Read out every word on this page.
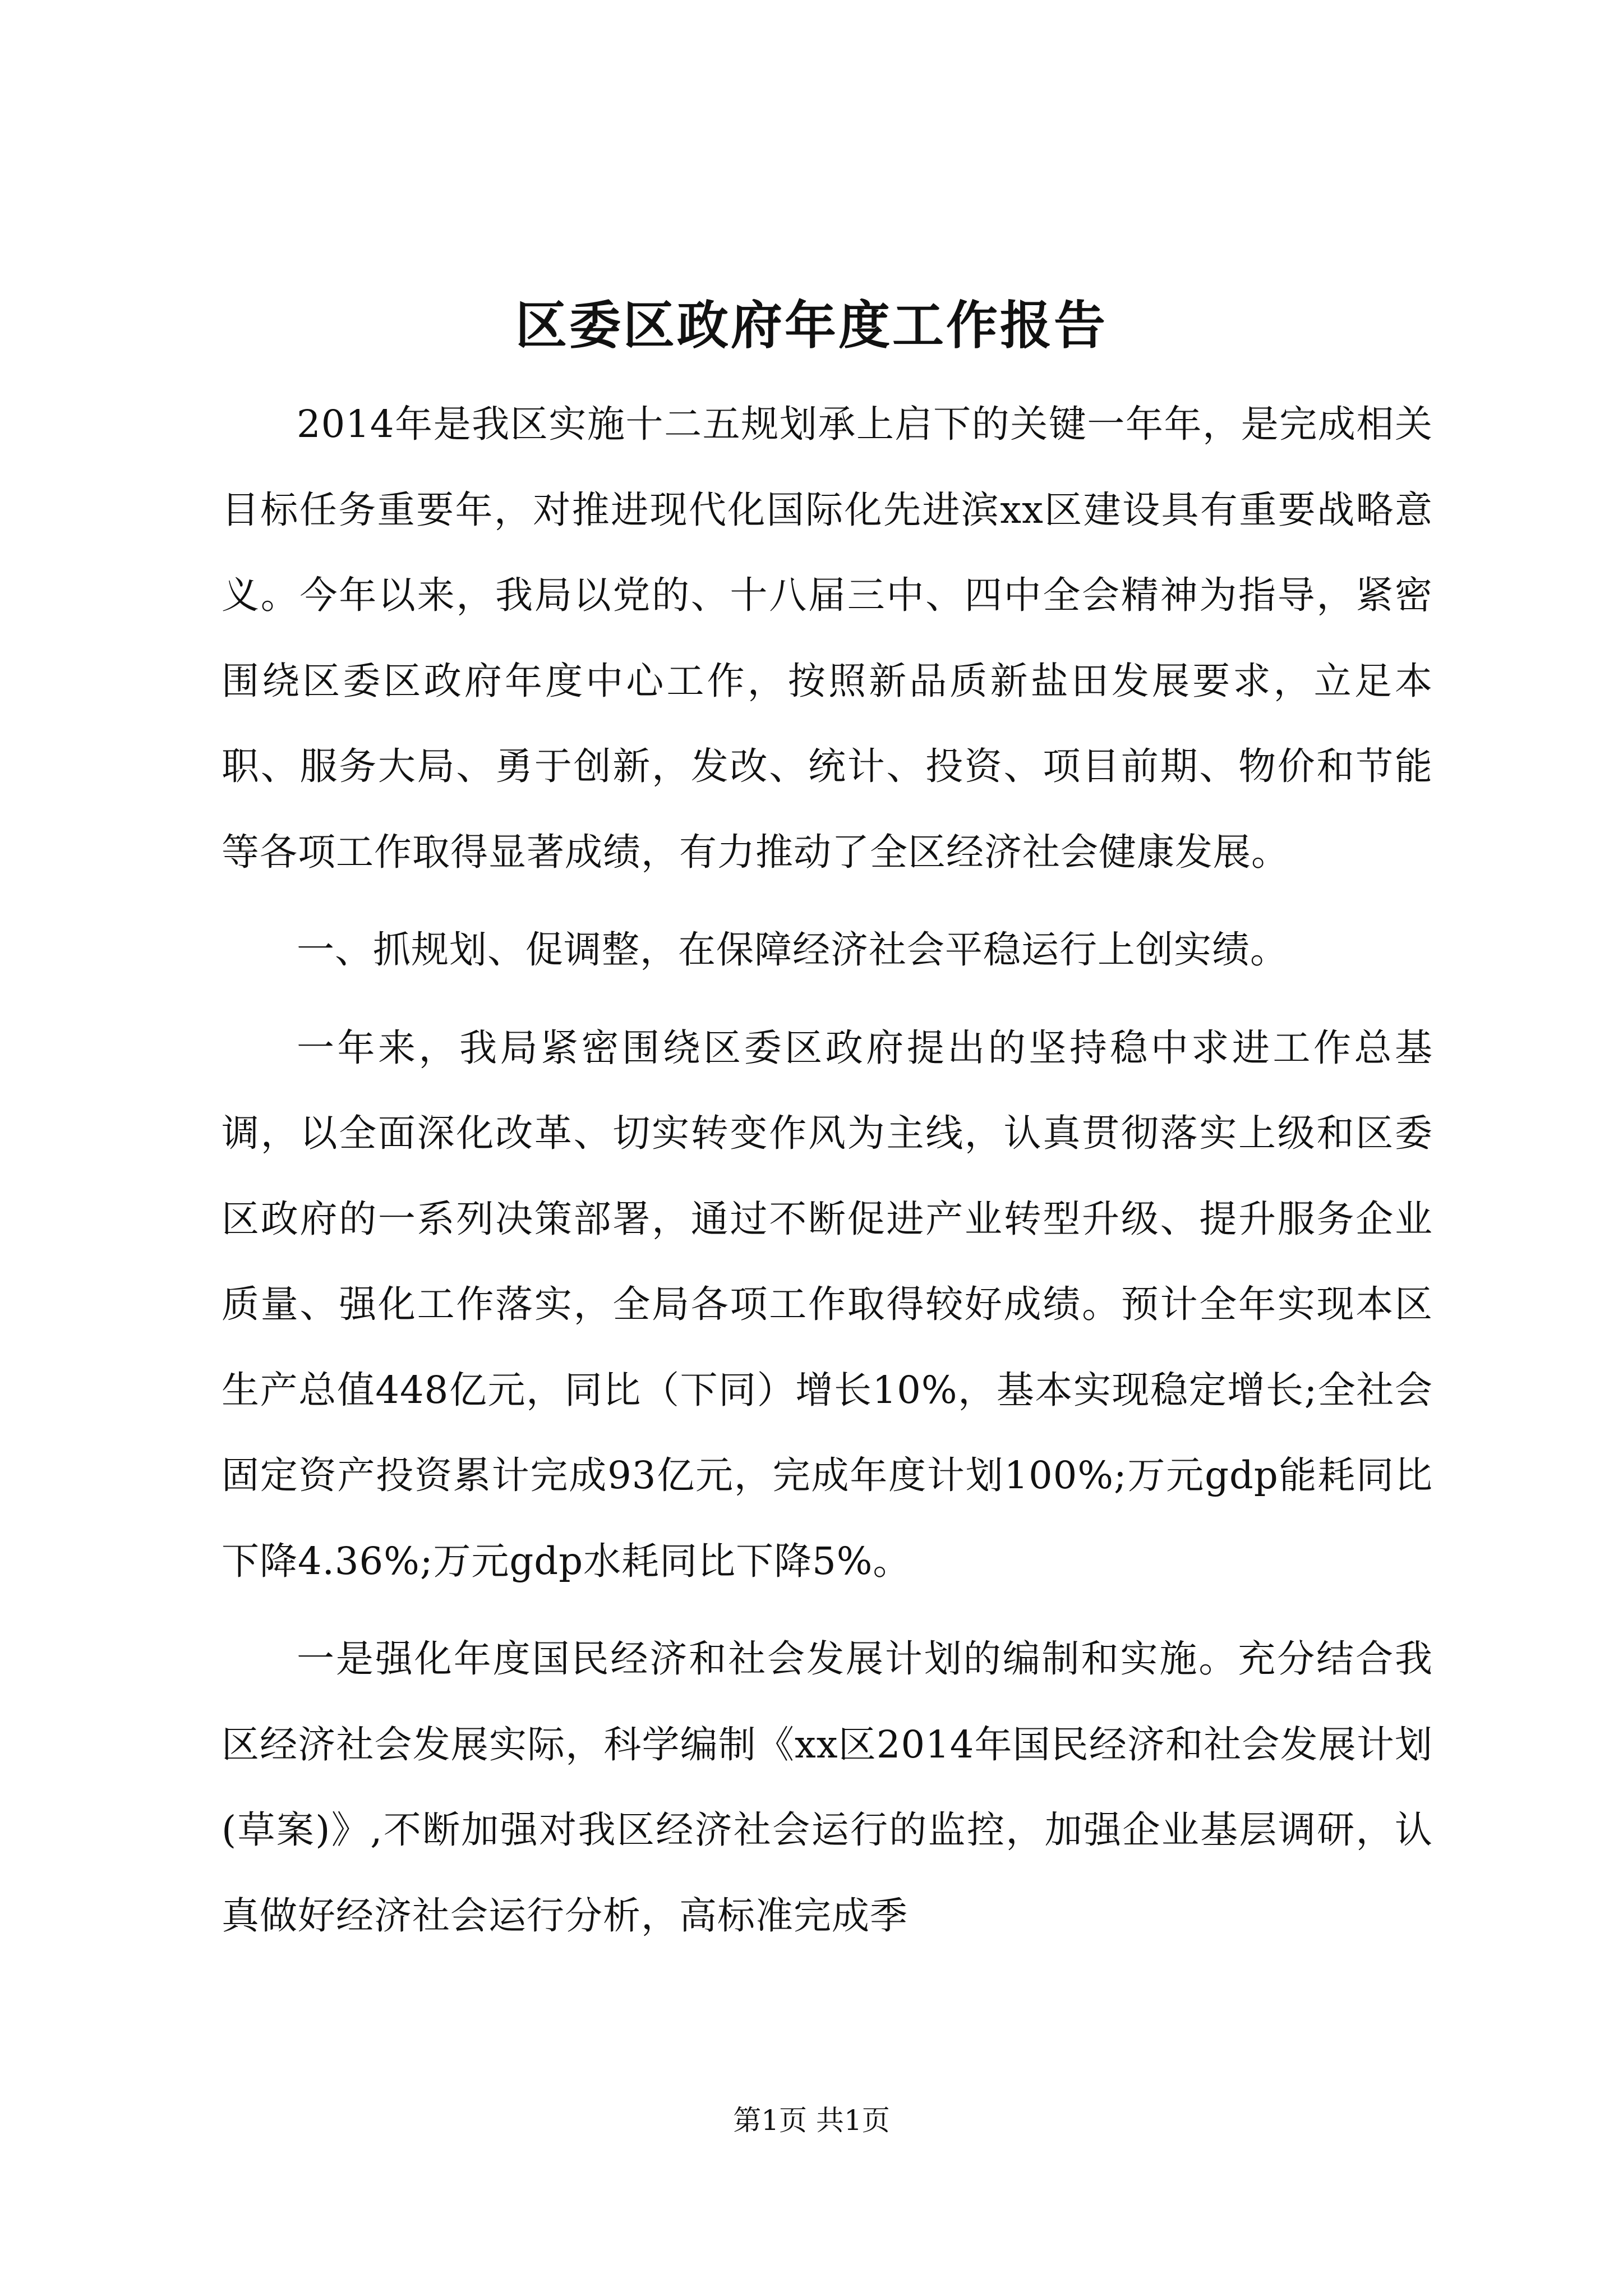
区委区政府年度工作报告

2014年是我区实施十二五规划承上启下的关键一年年，是完成相关目标任务重要年，对推进现代化国际化先进滨xx区建设具有重要战略意义。今年以来，我局以党的、十八届三中、四中全会精神为指导，紧密围绕区委区政府年度中心工作，按照新品质新盐田发展要求，立足本职、服务大局、勇于创新，发改、统计、投资、项目前期、物价和节能等各项工作取得显著成绩，有力推动了全区经济社会健康发展。

一、抓规划、促调整，在保障经济社会平稳运行上创实绩。

一年来，我局紧密围绕区委区政府提出的坚持稳中求进工作总基调，以全面深化改革、切实转变作风为主线，认真贯彻落实上级和区委区政府的一系列决策部署，通过不断促进产业转型升级、提升服务企业质量、强化工作落实，全局各项工作取得较好成绩。预计全年实现本区生产总值448亿元，同比（下同）增长10%，基本实现稳定增长;全社会固定资产投资累计完成93亿元，完成年度计划100%;万元gdp能耗同比下降4.36%;万元gdp水耗同比下降5%。

一是强化年度国民经济和社会发展计划的编制和实施。充分结合我区经济社会发展实际，科学编制《xx区2014年国民经济和社会发展计划(草案)》,不断加强对我区经济社会运行的监控，加强企业基层调研，认真做好经济社会运行分析，高标准完成季

第1页 共1页
